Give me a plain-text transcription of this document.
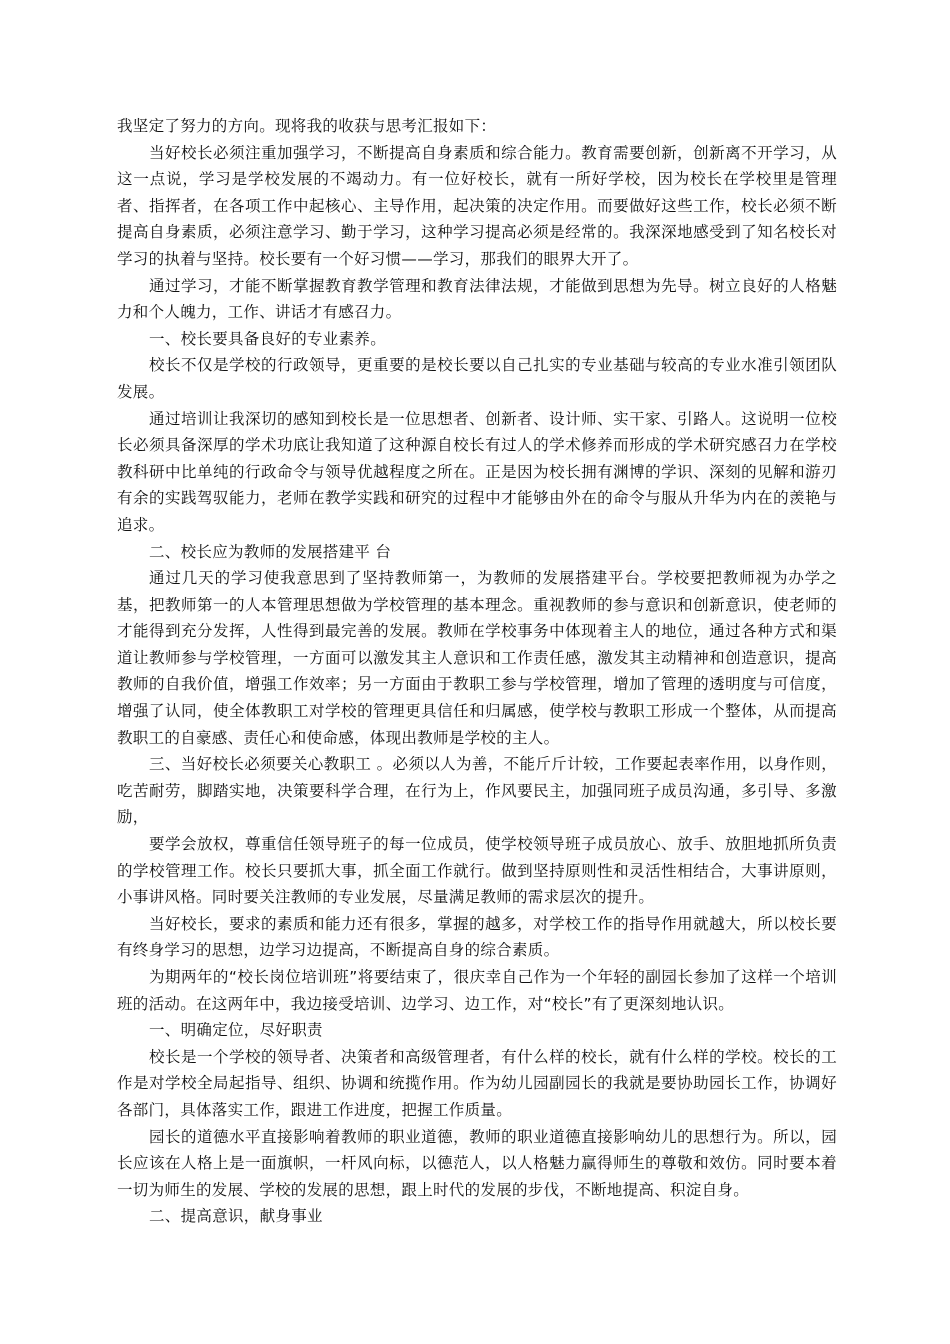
我坚定了努力的方向。现将我的收获与思考汇报如下：

当好校长必须注重加强学习，不断提高自身素质和综合能力。教育需要创新，创新离不开学习，从这一点说，学习是学校发展的不竭动力。有一位好校长，就有一所好学校，因为校长在学校里是管理者、指挥者，在各项工作中起核心、主导作用，起决策的决定作用。而要做好这些工作，校长必须不断提高自身素质，必须注意学习、勤于学习，这种学习提高必须是经常的。我深深地感受到了知名校长对学习的执着与坚持。校长要有一个好习惯——学习，那我们的眼界大开了。

通过学习，才能不断掌握教育教学管理和教育法律法规，才能做到思想为先导。树立良好的人格魅力和个人魄力，工作、讲话才有感召力。

一、校长要具备良好的专业素养。

校长不仅是学校的行政领导，更重要的是校长要以自己扎实的专业基础与较高的专业水准引领团队发展。

通过培训让我深切的感知到校长是一位思想者、创新者、设计师、实干家、引路人。这说明一位校长必须具备深厚的学术功底让我知道了这种源自校长有过人的学术修养而形成的学术研究感召力在学校教科研中比单纯的行政命令与领导优越程度之所在。正是因为校长拥有渊博的学识、深刻的见解和游刃有余的实践驾驭能力，老师在教学实践和研究的过程中才能够由外在的命令与服从升华为内在的羡艳与追求。

二、校长应为教师的发展搭建平 台

通过几天的学习使我意思到了坚持教师第一，为教师的发展搭建平台。学校要把教师视为办学之基，把教师第一的人本管理思想做为学校管理的基本理念。重视教师的参与意识和创新意识，使老师的才能得到充分发挥，人性得到最完善的发展。教师在学校事务中体现着主人的地位，通过各种方式和渠道让教师参与学校管理，一方面可以激发其主人意识和工作责任感，激发其主动精神和创造意识，提高教师的自我价值，增强工作效率；另一方面由于教职工参与学校管理，增加了管理的透明度与可信度，增强了认同，使全体教职工对学校的管理更具信任和归属感，使学校与教职工形成一个整体，从而提高教职工的自豪感、责任心和使命感，体现出教师是学校的主人。

三、当好校长必须要关心教职工 。必须以人为善，不能斤斤计较，工作要起表率作用，以身作则，吃苦耐劳，脚踏实地，决策要科学合理，在行为上，作风要民主，加强同班子成员沟通，多引导、多激励，

要学会放权，尊重信任领导班子的每一位成员，使学校领导班子成员放心、放手、放胆地抓所负责的学校管理工作。校长只要抓大事，抓全面工作就行。做到坚持原则性和灵活性相结合，大事讲原则，小事讲风格。同时要关注教师的专业发展，尽量满足教师的需求层次的提升。

当好校长，要求的素质和能力还有很多，掌握的越多，对学校工作的指导作用就越大，所以校长要有终身学习的思想，边学习边提高，不断提高自身的综合素质。

为期两年的“校长岗位培训班”将要结束了，很庆幸自己作为一个年轻的副园长参加了这样一个培训班的活动。在这两年中，我边接受培训、边学习、边工作，对“校长”有了更深刻地认识。

一、明确定位，尽好职责

校长是一个学校的领导者、决策者和高级管理者，有什么样的校长，就有什么样的学校。校长的工作是对学校全局起指导、组织、协调和统揽作用。作为幼儿园副园长的我就是要协助园长工作，协调好各部门，具体落实工作，跟进工作进度，把握工作质量。

园长的道德水平直接影响着教师的职业道德，教师的职业道德直接影响幼儿的思想行为。所以，园长应该在人格上是一面旗帜，一杆风向标，以德范人，以人格魅力赢得师生的尊敬和效仿。同时要本着一切为师生的发展、学校的发展的思想，跟上时代的发展的步伐，不断地提高、积淀自身。

二、提高意识，献身事业
